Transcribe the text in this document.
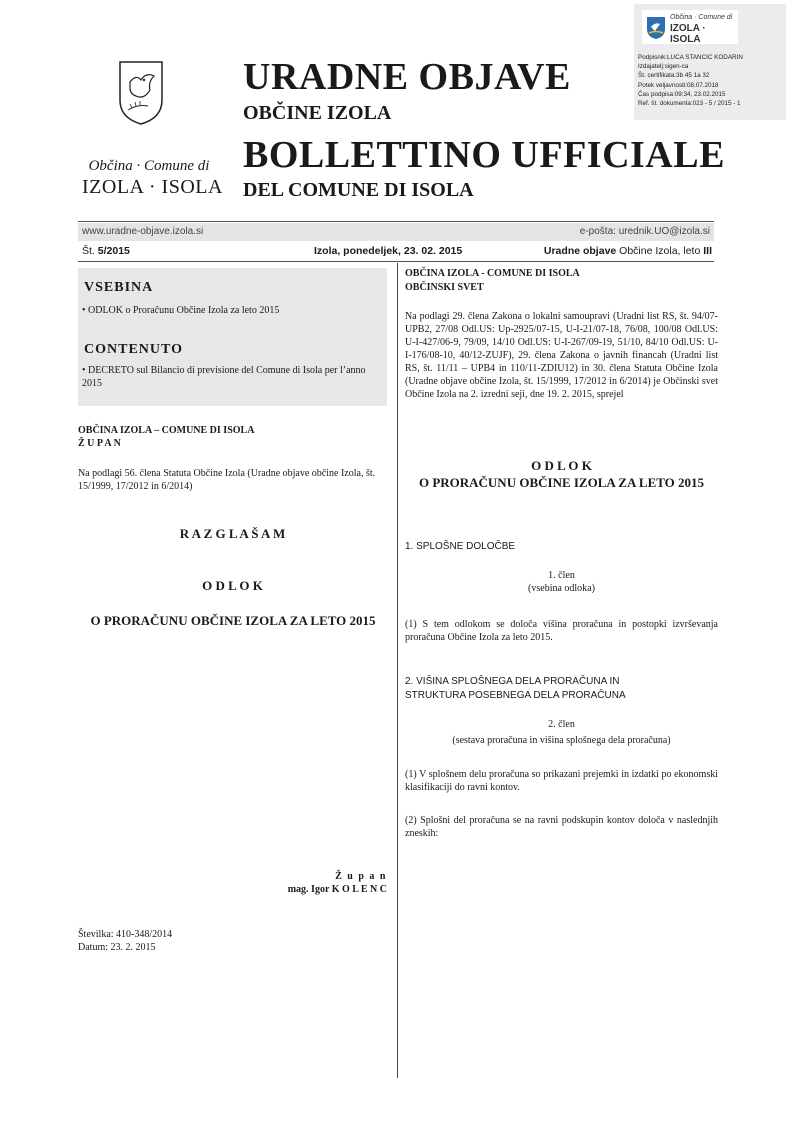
Občina · Comune di
IZOLA · ISOLA
URADNE OBJAVE
OBČINE IZOLA
BOLLETTINO UFFICIALE
DEL COMUNE DI ISOLA
Občina · Comune di
IZOLA · ISOLA
Podpisnik:LUCA STANCIC KODARIN
Izdajatelj:sigen-ca
Št. certifikata:3b 45 1a 32
Potek veljavnosti:08.07.2018
Čas podpisa:09:34, 23.02.2015
Ref. št. dokumenta:023 - 5 / 2015 - 1
www.uradne-objave.izola.si	e-pošta: urednik.UO@izola.si
Št. 5/2015	Izola, ponedeljek, 23. 02. 2015	Uradne objave Občine Izola, leto III
VSEBINA
• ODLOK o Proračunu Občine Izola za leto 2015
CONTENUTO
• DECRETO sul Bilancio di previsione del Comune di Isola per l’anno 2015
OBČINA IZOLA – COMUNE DI ISOLA
Ž U P A N
Na podlagi 56. člena Statuta Občine Izola (Uradne objave občine Izola, št. 15/1999, 17/2012 in 6/2014)
R A Z G L A Š A M
O D L O K
O PRORAČUNU OBČINE IZOLA ZA LETO 2015
Ž u p a n
mag. Igor K O L E N C
Številka: 410-348/2014
Datum: 23. 2. 2015
OBČINA IZOLA - COMUNE DI ISOLA
OBČINSKI SVET
Na podlagi 29. člena Zakona o lokalni samoupravi (Uradni list RS, št. 94/07-UPB2, 27/08 Odl.US: Up-2925/07-15, U-I-21/07-18, 76/08, 100/08 Odl.US: U-I-427/06-9, 79/09, 14/10 Odl.US: U-I-267/09-19, 51/10, 84/10 Odl.US: U-I-176/08-10, 40/12-ZUJF), 29. člena Zakona o javnih financah (Uradni list RS, št. 11/11 – UPB4 in 110/11-ZDIU12) in 30. člena Statuta Občine Izola (Uradne objave občine Izola, št. 15/1999, 17/2012 in 6/2014) je Občinski svet Občine Izola na 2. izredni seji, dne 19. 2. 2015, sprejel
O D L O K
O PRORAČUNU OBČINE IZOLA ZA LETO 2015
1. SPLOŠNE DOLOČBE
1. člen
(vsebina odloka)
(1) S tem odlokom se določa višina proračuna in postopki izvrševanja proračuna Občine Izola za leto 2015.
2. VIŠINA SPLOŠNEGA DELA PRORAČUNA IN
STRUKTURA POSEBNEGA DELA PRORAČUNA
2. člen
(sestava proračuna in višina splošnega dela proračuna)
(1) V splošnem delu proračuna so prikazani prejemki in izdatki po ekonomski klasifikaciji do ravni kontov.
(2) Splošni del proračuna se na ravni podskupin kontov določa v naslednjih zneskih:
